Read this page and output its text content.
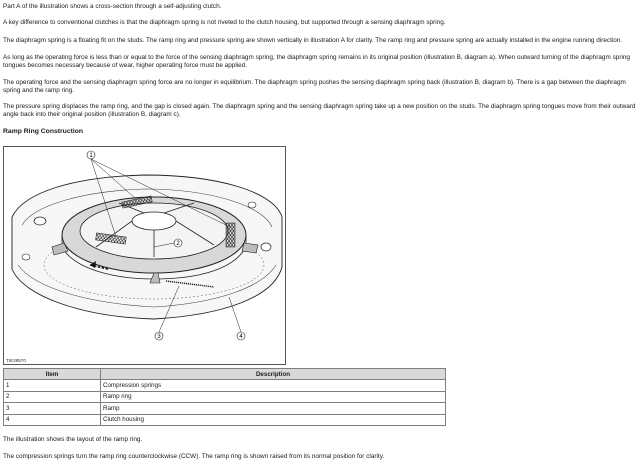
Part A of the illustration shows a cross-section through a self-adjusting clutch.

A key difference to conventional clutches is that the diaphragm spring is not riveted to the clutch housing, but supported through a sensing diaphragm spring.

The diaphragm spring is a floating fit on the studs. The ramp ring and pressure spring are shown vertically in illustration A for clarity. The ramp ring and pressure spring are actually installed in the engine running direction.

As long as the operating force is less than or equal to the force of the sensing diaphragm spring, the diaphragm spring remains in its original position (illustration B, diagram a). When outward turning of the diaphragm spring tongues becomes necessary because of wear, higher operating force must be applied.

The operating force and the sensing diaphragm spring force are no longer in equilibrium. The diaphragm spring pushes the sensing diaphragm spring back (illustration B, diagram b). There is a gap between the diaphragm spring and the ramp ring.

The pressure spring displaces the ramp ring, and the gap is closed again. The diaphragm spring and the sensing diaphragm spring take up a new position on the studs. The diaphragm spring tongues move from their outward angle back into their original position (illustration B, diagram c).

Ramp Ring Construction
1
2
3	4
TIE38570
Item	Description
1	Compression springs
2	Ramp ring
3	Ramp
4	Clutch housing

The illustration shows the layout of the ramp ring.

The compression springs turn the ramp ring counterclockwise (CCW). The ramp ring is shown raised from its normal position for clarity.
